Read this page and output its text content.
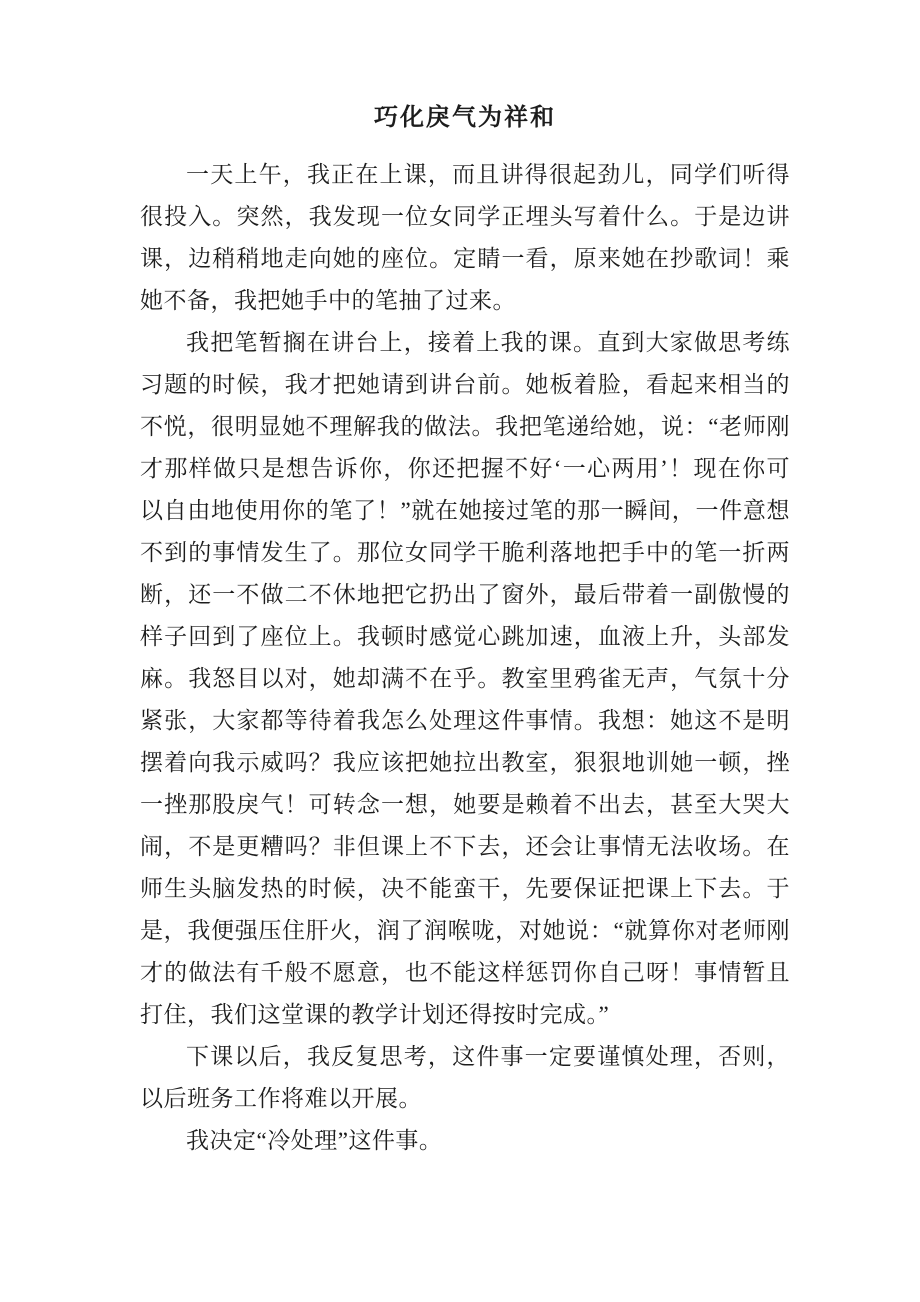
巧化戾气为祥和

一天上午，我正在上课，而且讲得很起劲儿，同学们听得很投入。突然，我发现一位女同学正埋头写着什么。于是边讲课，边稍稍地走向她的座位。定睛一看，原来她在抄歌词！乘她不备，我把她手中的笔抽了过来。

我把笔暂搁在讲台上，接着上我的课。直到大家做思考练习题的时候，我才把她请到讲台前。她板着脸，看起来相当的不悦，很明显她不理解我的做法。我把笔递给她，说：“老师刚才那样做只是想告诉你，你还把握不好‘一心两用’！现在你可以自由地使用你的笔了！”就在她接过笔的那一瞬间，一件意想不到的事情发生了。那位女同学干脆利落地把手中的笔一折两断，还一不做二不休地把它扔出了窗外，最后带着一副傲慢的样子回到了座位上。我顿时感觉心跳加速，血液上升，头部发麻。我怒目以对，她却满不在乎。教室里鸦雀无声，气氛十分紧张，大家都等待着我怎么处理这件事情。我想：她这不是明摆着向我示威吗？我应该把她拉出教室，狠狠地训她一顿，挫一挫那股戾气！可转念一想，她要是赖着不出去，甚至大哭大闹，不是更糟吗？非但课上不下去，还会让事情无法收场。在师生头脑发热的时候，决不能蛮干，先要保证把课上下去。于是，我便强压住肝火，润了润喉咙，对她说：“就算你对老师刚才的做法有千般不愿意，也不能这样惩罚你自己呀！事情暂且打住，我们这堂课的教学计划还得按时完成。”

下课以后，我反复思考，这件事一定要谨慎处理，否则，以后班务工作将难以开展。

我决定“冷处理”这件事。
